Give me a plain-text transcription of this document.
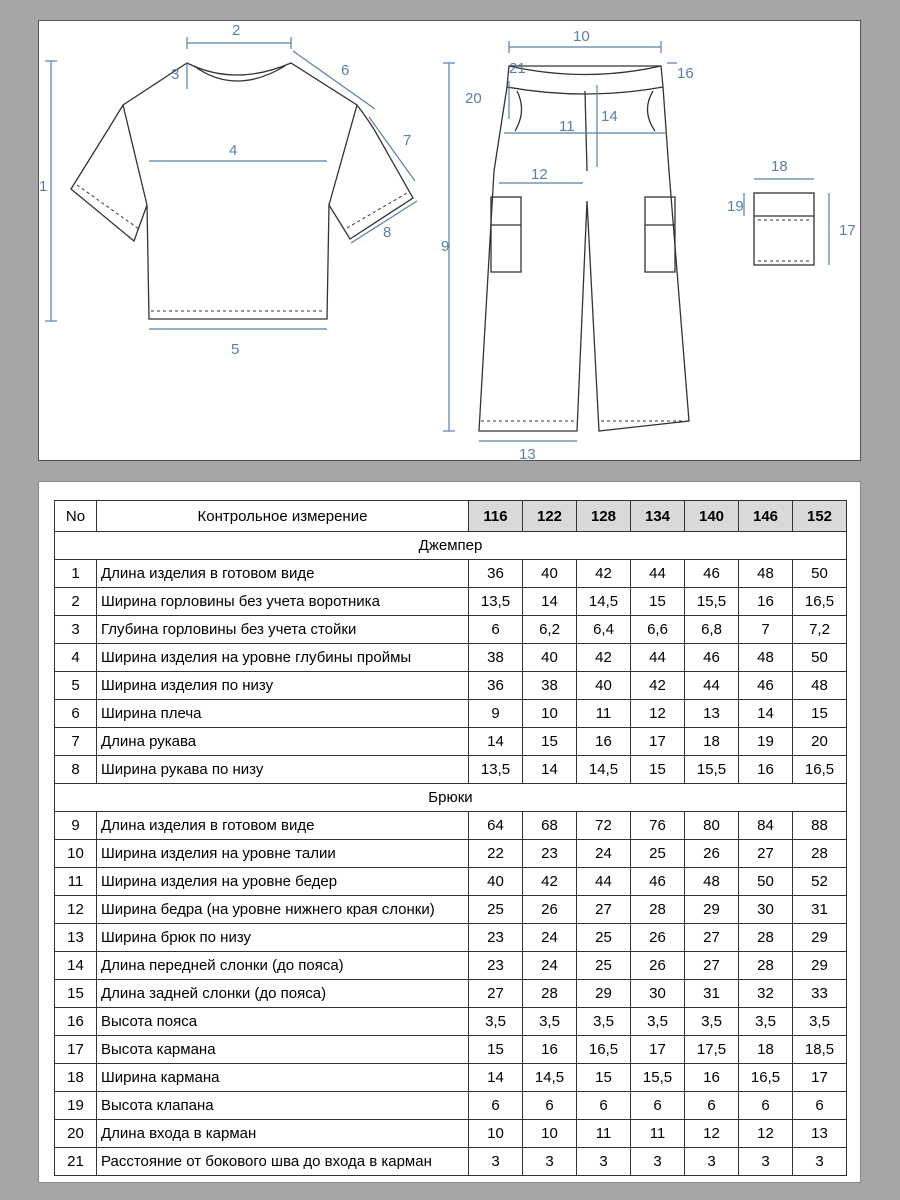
2
3
4
5
1
6
7
8
10
16
21
20
11
14
12
9
13
18
17
19
No	Контрольное измерение	116	122	128	134	140	146	152
Джемпер								
1	Длина изделия в готовом виде	36	40	42	44	46	48	50
2	Ширина горловины без учета воротника	13,5	14	14,5	15	15,5	16	16,5
3	Глубина горловины без учета стойки	6	6,2	6,4	6,6	6,8	7	7,2
4	Ширина изделия на уровне глубины проймы	38	40	42	44	46	48	50
5	Ширина изделия по низу	36	38	40	42	44	46	48
6	Ширина плеча	9	10	11	12	13	14	15
7	Длина рукава	14	15	16	17	18	19	20
8	Ширина рукава по низу	13,5	14	14,5	15	15,5	16	16,5
Брюки								
9	Длина изделия в готовом виде	64	68	72	76	80	84	88
10	Ширина изделия на уровне талии	22	23	24	25	26	27	28
11	Ширина изделия на уровне бедер	40	42	44	46	48	50	52
12	Ширина бедра (на уровне нижнего края слонки)	25	26	27	28	29	30	31
13	Ширина брюк по низу	23	24	25	26	27	28	29
14	Длина передней слонки (до пояса)	23	24	25	26	27	28	29
15	Длина задней слонки (до пояса)	27	28	29	30	31	32	33
16	Высота пояса	3,5	3,5	3,5	3,5	3,5	3,5	3,5
17	Высота кармана	15	16	16,5	17	17,5	18	18,5
18	Ширина кармана	14	14,5	15	15,5	16	16,5	17
19	Высота клапана	6	6	6	6	6	6	6
20	Длина входа в карман	10	10	11	11	12	12	13
21	Расстояние от бокового шва до входа в карман	3	3	3	3	3	3	3
